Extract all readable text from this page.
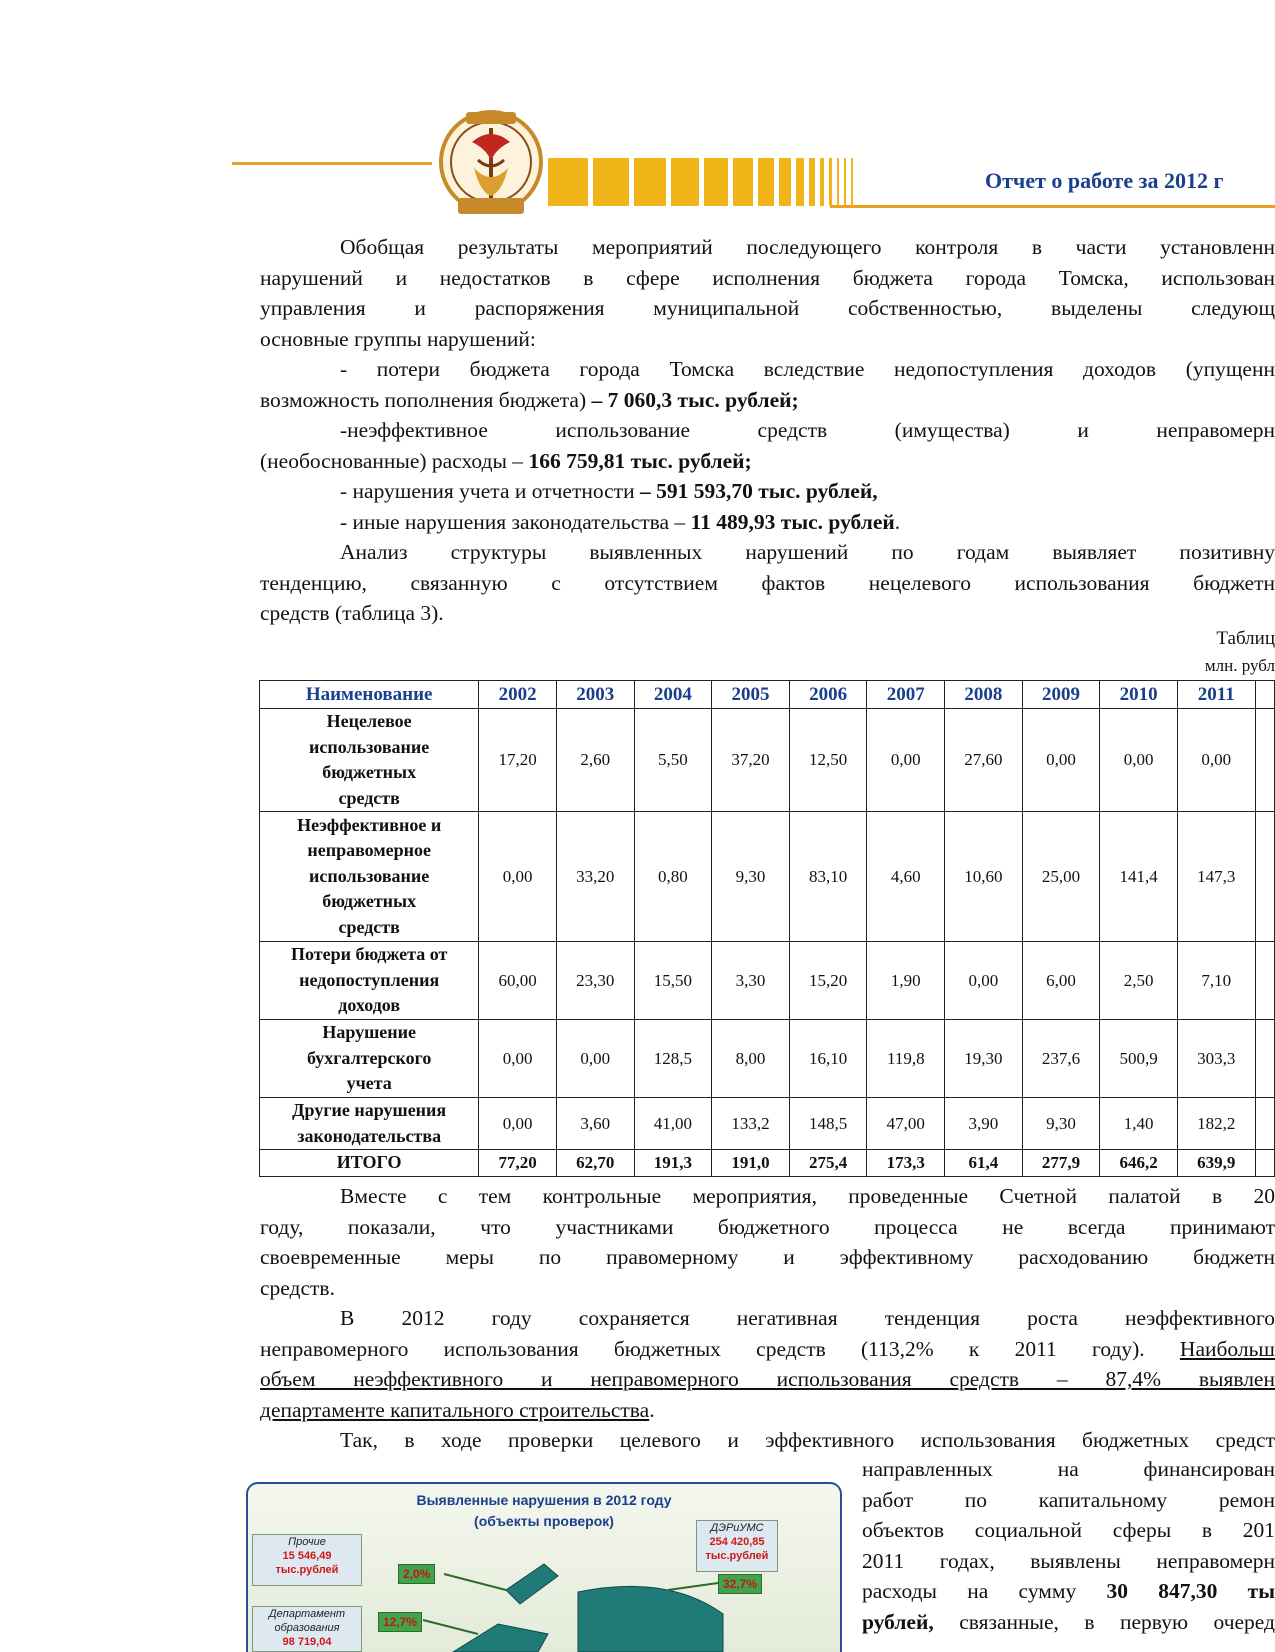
Отчет о работе за 2012 г
Обобщая результаты мероприятий последующего контроля в части установленн
нарушений и недостатков в сфере исполнения бюджета города Томска, использован
управления и распоряжения муниципальной собственностью, выделены следующ
основные группы нарушений:
- потери бюджета города Томска вследствие недопоступления доходов (упущенн
возможность пополнения бюджета) – 7 060,3 тыс. рублей;
-неэффективное использование средств (имущества) и неправомерн
(необоснованные) расходы – 166 759,81 тыс. рублей;
- нарушения учета и отчетности – 591 593,70 тыс. рублей,
- иные нарушения законодательства – 11 489,93 тыс. рублей.
Анализ структуры выявленных нарушений по годам выявляет позитивну
тенденцию, связанную с отсутствием фактов нецелевого использования бюджетн
средств (таблица 3).
Таблиц
млн. рубл
Наименование	2002	2003	2004	2005	2006	2007	2008	2009	2010	2011	

Нецелевое
использование
бюджетных
средств	17,20	2,60	5,50	37,20	12,50	0,00	27,60	0,00	0,00	0,00	

Неэффективное и
неправомерное
использование
бюджетных
средств	0,00	33,20	0,80	9,30	83,10	4,60	10,60	25,00	141,4	147,3	

Потери бюджета от
недопоступления
доходов	60,00	23,30	15,50	3,30	15,20	1,90	0,00	6,00	2,50	7,10	

Нарушение
бухгалтерского
учета	0,00	0,00	128,5	8,00	16,10	119,8	19,30	237,6	500,9	303,3	

Другие нарушения
законодательства	0,00	3,60	41,00	133,2	148,5	47,00	3,90	9,30	1,40	182,2	
ИТОГО	77,20	62,70	191,3	191,0	275,4	173,3	61,4	277,9	646,2	639,9	
Вместе с тем контрольные мероприятия, проведенные Счетной палатой в 20
году, показали, что участниками бюджетного процесса не всегда принимают
своевременные меры по правомерному и эффективному расходованию бюджетн
средств.
В 2012 году сохраняется негативная тенденция роста неэффективного
неправомерного использования бюджетных средств (113,2% к 2011 году). Наибольш
объем неэффективного и неправомерного использования средств – 87,4% выявлен
департаменте капитального строительства.
Так, в ходе проверки целевого и эффективного использования бюджетных средст
направленных на финансирован
работ по капитальному ремон
объектов социальной сферы в 201
2011 годах, выявлены неправомерн
расходы на сумму 30 847,30 ты
рублей, связанные, в первую очеред
Выявленные нарушения в 2012 году
(объекты проверок)
Прочие
15 546,49
тыс.рублей
ДЭРиУМС
254 420,85
тыс.рублей
Департамент
образования
98 719,04
2,0%
32,7%
12,7%
